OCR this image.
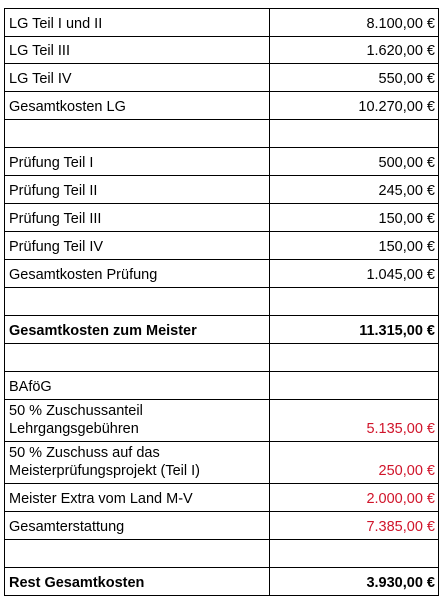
LG Teil I und II	8.100,00 €
LG Teil III	1.620,00 €
LG Teil IV	550,00 €
Gesamtkosten LG	10.270,00 €
Prüfung Teil I	500,00 €
Prüfung Teil II	245,00 €
Prüfung Teil III	150,00 €
Prüfung Teil IV	150,00 €
Gesamtkosten Prüfung	1.045,00 €
Gesamtkosten zum Meister	11.315,00 €
BAföG
50 % Zuschussanteil
Lehrgangsgebühren	5.135,00 €
50 % Zuschuss auf das
Meisterprüfungsprojekt (Teil I)	250,00 €
Meister Extra vom Land M-V	2.000,00 €
Gesamterstattung	7.385,00 €
Rest Gesamtkosten	3.930,00 €
